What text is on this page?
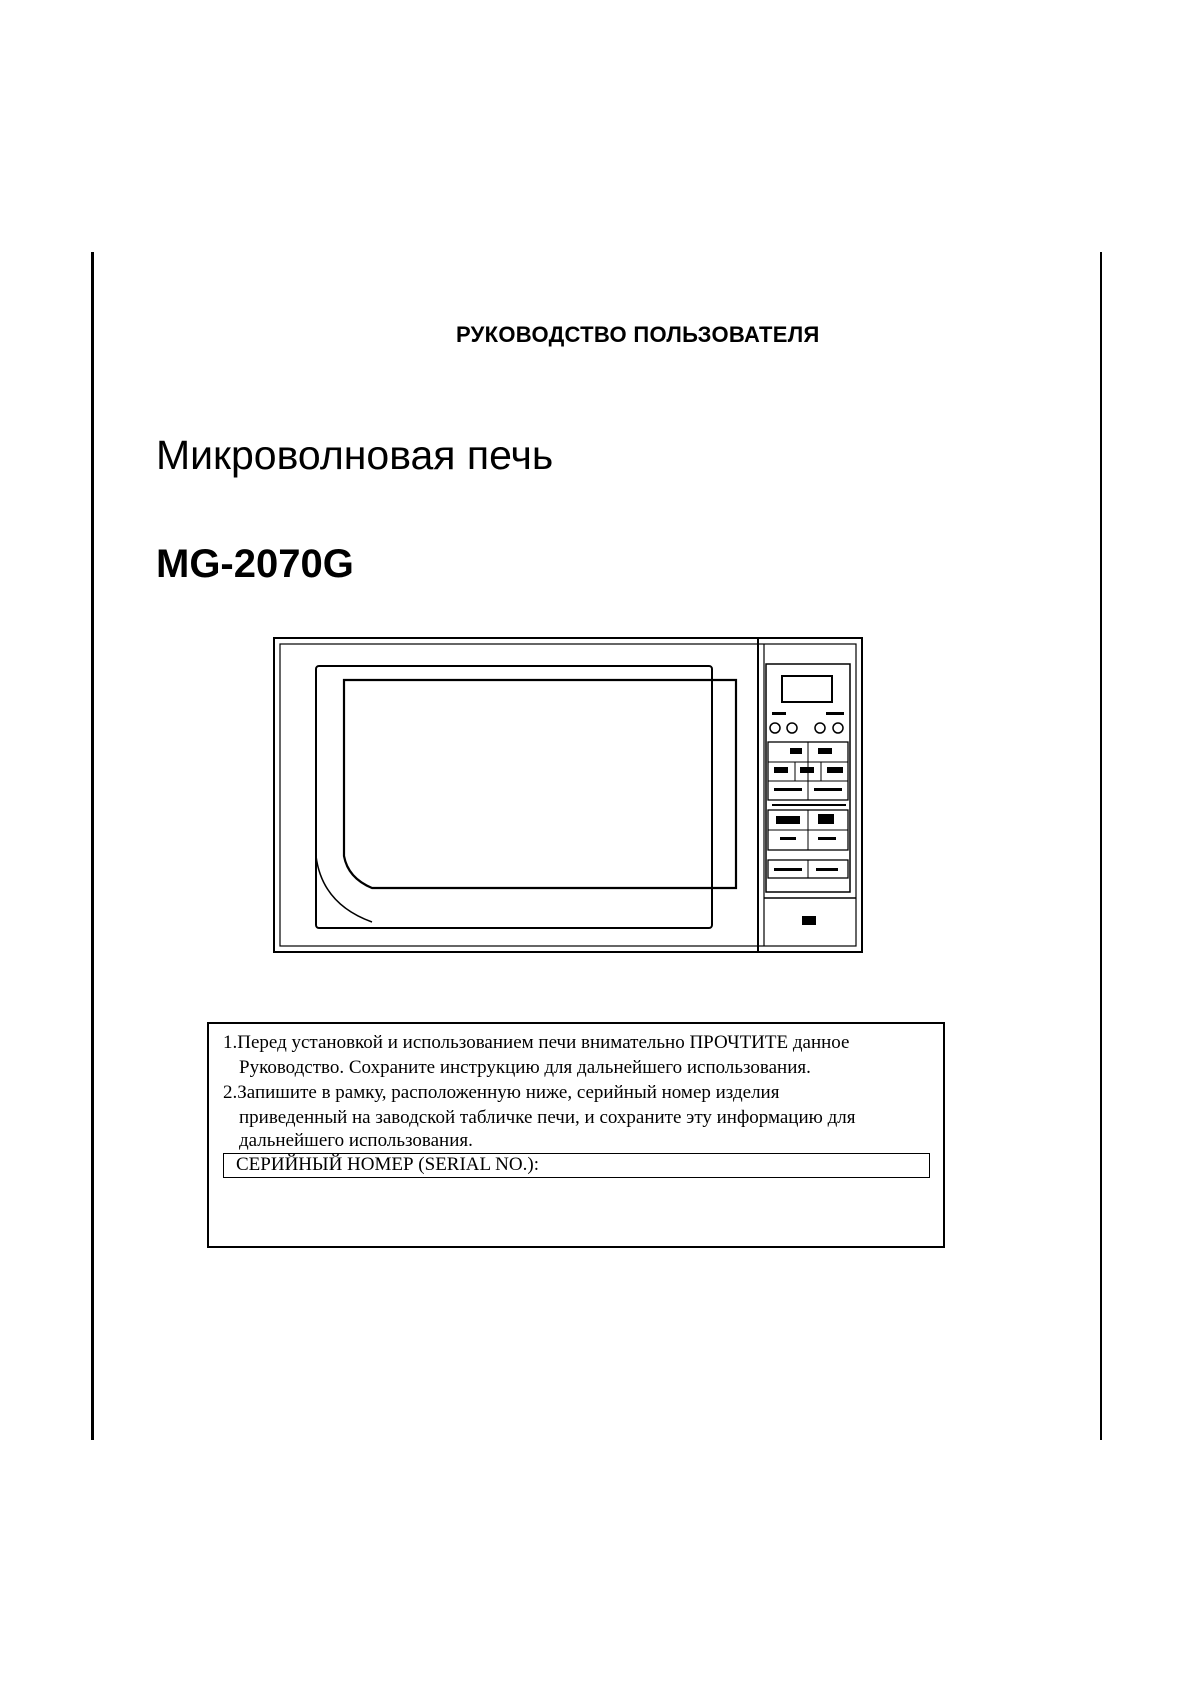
РУКОВОДСТВО ПОЛЬЗОВАТЕЛЯ
Микроволновая печь
MG-2070G
1.Перед установкой и использованием печи внимательно ПРОЧТИТЕ данное
Руководство. Сохраните инструкцию для дальнейшего использования.
2.Запишите в рамку, расположенную ниже, серийный номер изделия
приведенный на заводской табличке печи, и сохраните эту информацию для
дальнейшего использования.
СЕРИЙНЫЙ НОМЕР (SERIAL NO.):
